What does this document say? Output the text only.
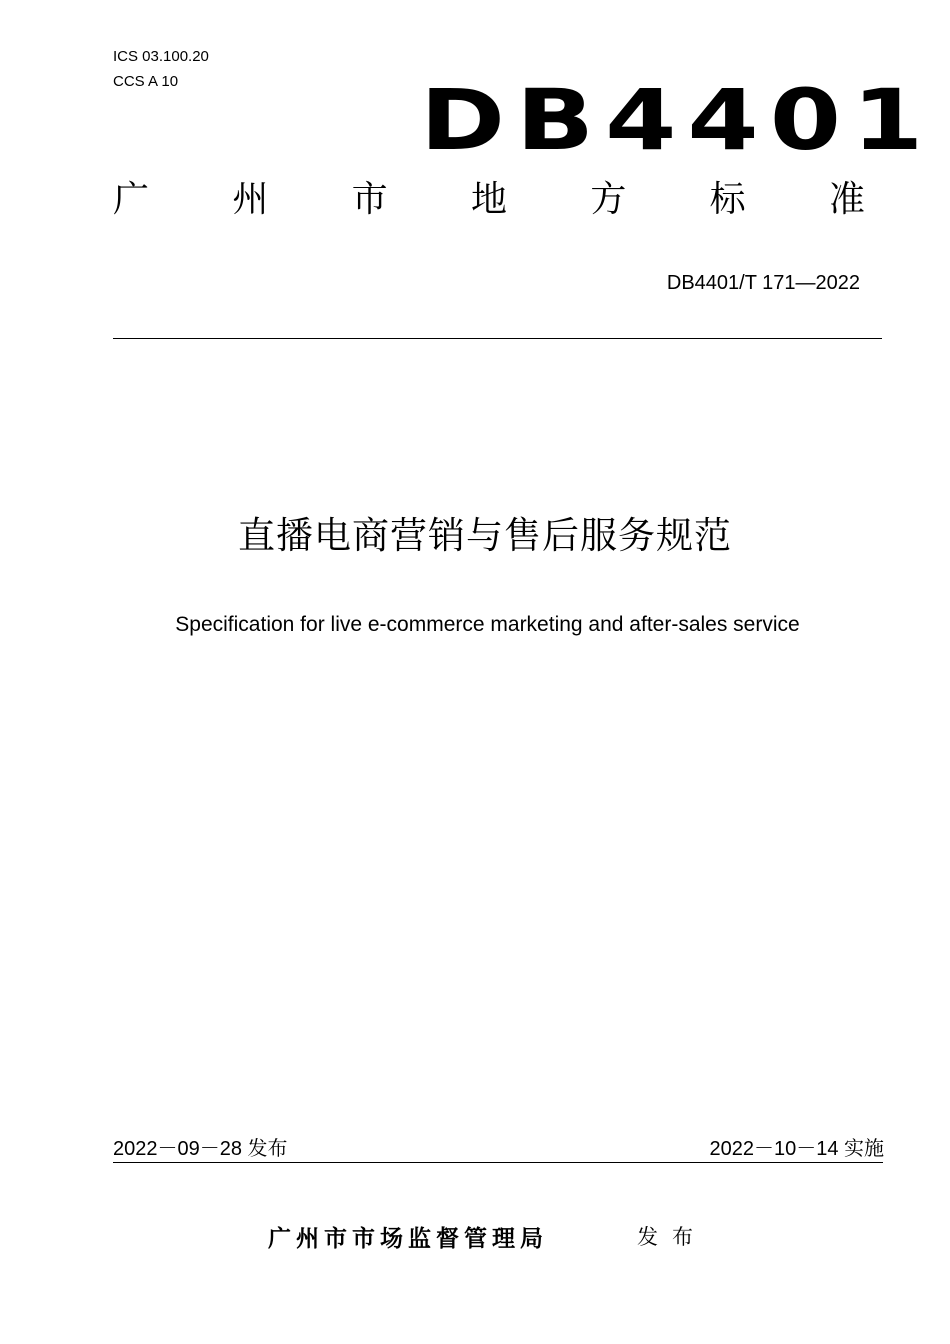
ICS 03.100.20
CCS A 10	DB4401
广 州 市 地 方 标 准
DB4401/T 171—2022
直播电商营销与售后服务规范
Specification for live e-commerce marketing and after-sales service
2022－09－28 发布	2022－10－14 实施
广州市市场监督管理局	发布
